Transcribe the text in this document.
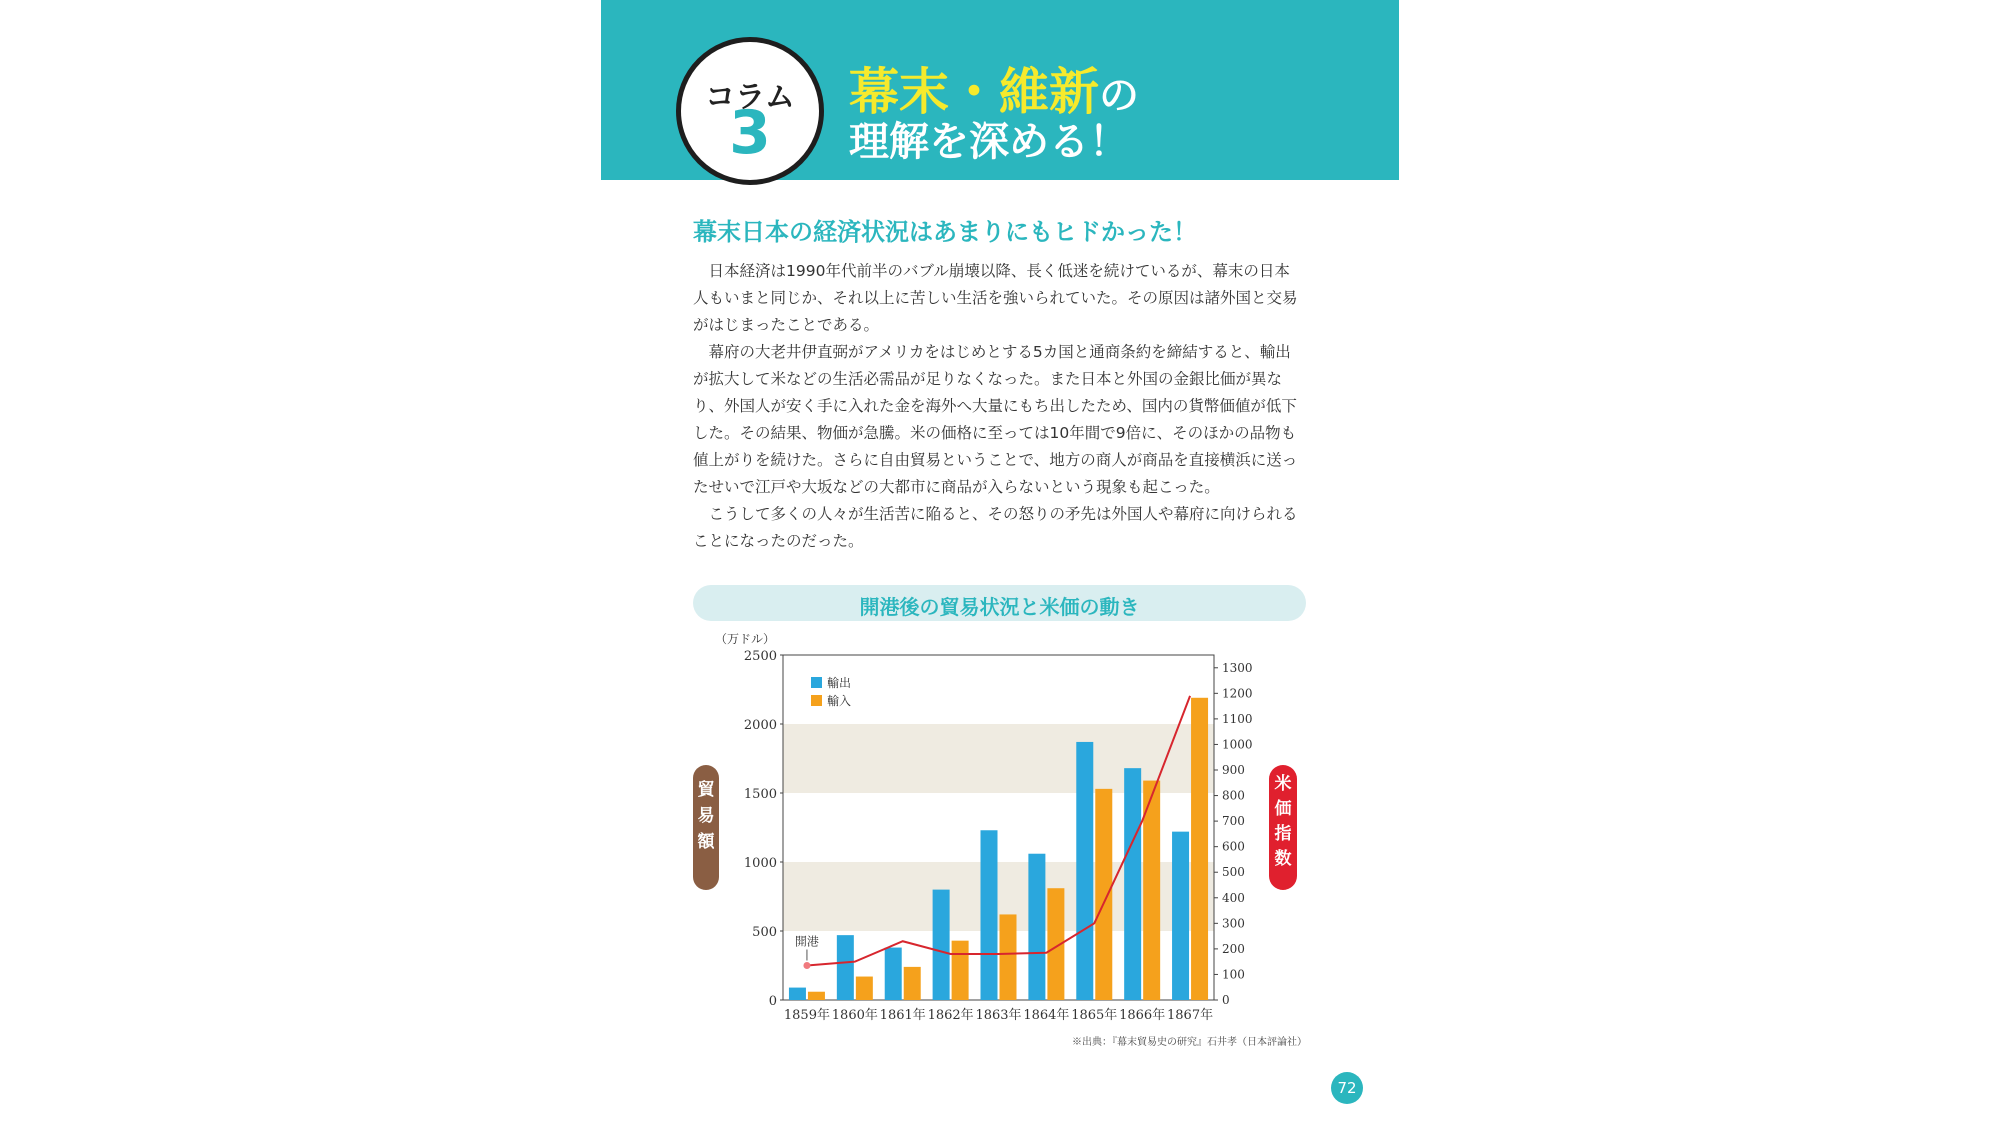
コラム
3
幕末・維新の
理解を深める！
幕末日本の経済状況はあまりにもヒドかった！

日本経済は1990年代前半のバブル崩壊以降、長く低迷を続けているが、幕末の日本人もいまと同じか、それ以上に苦しい生活を強いられていた。その原因は諸外国と交易がはじまったことである。

幕府の大老井伊直弼がアメリカをはじめとする5カ国と通商条約を締結すると、輸出が拡大して米などの生活必需品が足りなくなった。また日本と外国の金銀比価が異なり、外国人が安く手に入れた金を海外へ大量にもち出したため、国内の貨幣価値が低下した。その結果、物価が急騰。米の価格に至っては10年間で9倍に、そのほかの品物も値上がりを続けた。さらに自由貿易ということで、地方の商人が商品を直接横浜に送ったせいで江戸や大坂などの大都市に商品が入らないという現象も起こった。

こうして多くの人々が生活苦に陥ると、その怒りの矛先は外国人や幕府に向けられることになったのだった。

開港後の貿易状況と米価の動き
0
500
1000
1500
2000
2500
（万ドル）
0
100
200
300
400
500
600
700
800
900
1000
1100
1200
1300
貿
易
額
米
価
指
数
1859年 1860年 1861年 1862年 1863年 1864年 1865年 1866年 1867年
開港
輸出
輸入
※出典：『幕末貿易史の研究』石井孝（日本評論社）
72
